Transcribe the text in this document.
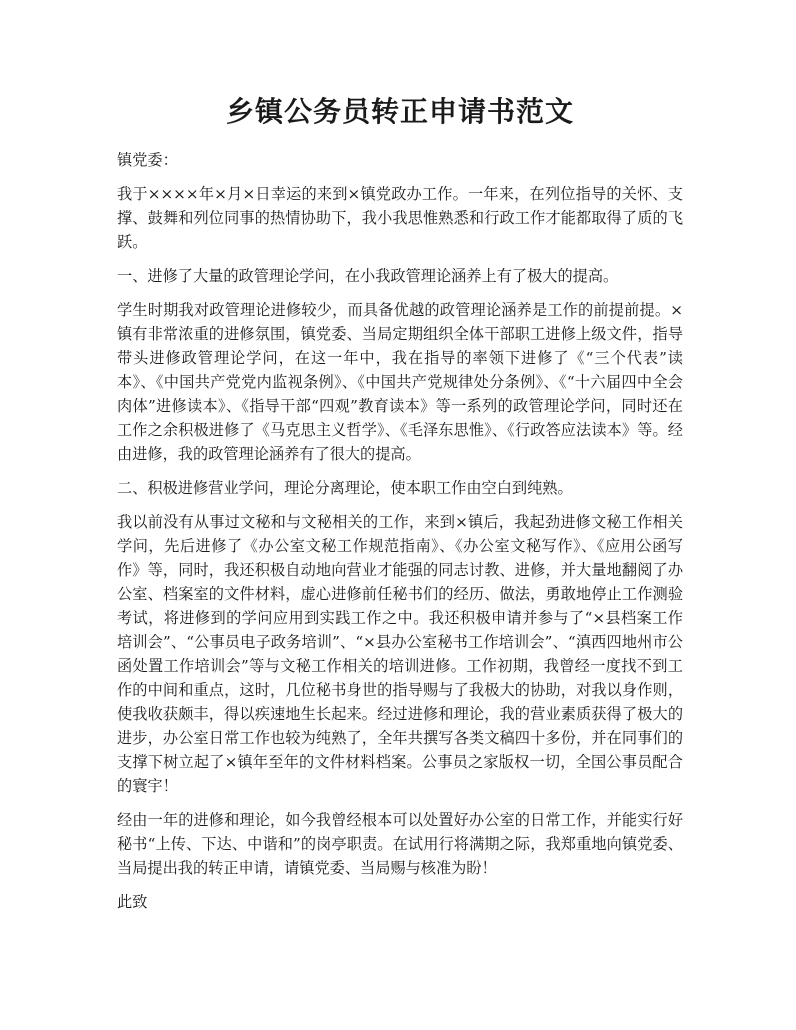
乡镇公务员转正申请书范文

镇党委：

我于××××年×月×日幸运的来到×镇党政办工作。一年来，在列位指导的关怀、支撑、鼓舞和列位同事的热情协助下，我小我思惟熟悉和行政工作才能都取得了质的飞跃。

一、进修了大量的政管理论学问，在小我政管理论涵养上有了极大的提高。

学生时期我对政管理论进修较少，而具备优越的政管理论涵养是工作的前提前提。×镇有非常浓重的进修氛围，镇党委、当局定期组织全体干部职工进修上级文件，指导带头进修政管理论学问，在这一年中，我在指导的率领下进修了《“三个代表”读本》、《中国共产党党内监视条例》、《中国共产党规律处分条例》、《“十六届四中全会肉体”进修读本》、《指导干部“四观”教育读本》等一系列的政管理论学问，同时还在工作之余积极进修了《马克思主义哲学》、《毛泽东思惟》、《行政答应法读本》等。经由进修，我的政管理论涵养有了很大的提高。

二、积极进修营业学问，理论分离理论，使本职工作由空白到纯熟。

我以前没有从事过文秘和与文秘相关的工作，来到×镇后，我起劲进修文秘工作相关学问，先后进修了《办公室文秘工作规范指南》、《办公室文秘写作》、《应用公函写作》等，同时，我还积极自动地向营业才能强的同志讨教、进修，并大量地翻阅了办公室、档案室的文件材料，虚心进修前任秘书们的经历、做法，勇敢地停止工作测验考试，将进修到的学问应用到实践工作之中。我还积极申请并参与了“×县档案工作培训会”、“公事员电子政务培训”、“×县办公室秘书工作培训会”、“滇西四地州市公函处置工作培训会”等与文秘工作相关的培训进修。工作初期，我曾经一度找不到工作的中间和重点，这时，几位秘书身世的指导赐与了我极大的协助，对我以身作则，使我收获颇丰，得以疾速地生长起来。经过进修和理论，我的营业素质获得了极大的进步，办公室日常工作也较为纯熟了，全年共撰写各类文稿四十多份，并在同事们的支撑下树立起了×镇年至年的文件材料档案。公事员之家版权一切，全国公事员配合的寰宇！

经由一年的进修和理论，如今我曾经根本可以处置好办公室的日常工作，并能实行好秘书“上传、下达、中谐和”的岗亭职责。在试用行将满期之际，我郑重地向镇党委、当局提出我的转正申请，请镇党委、当局赐与核准为盼！

此致
